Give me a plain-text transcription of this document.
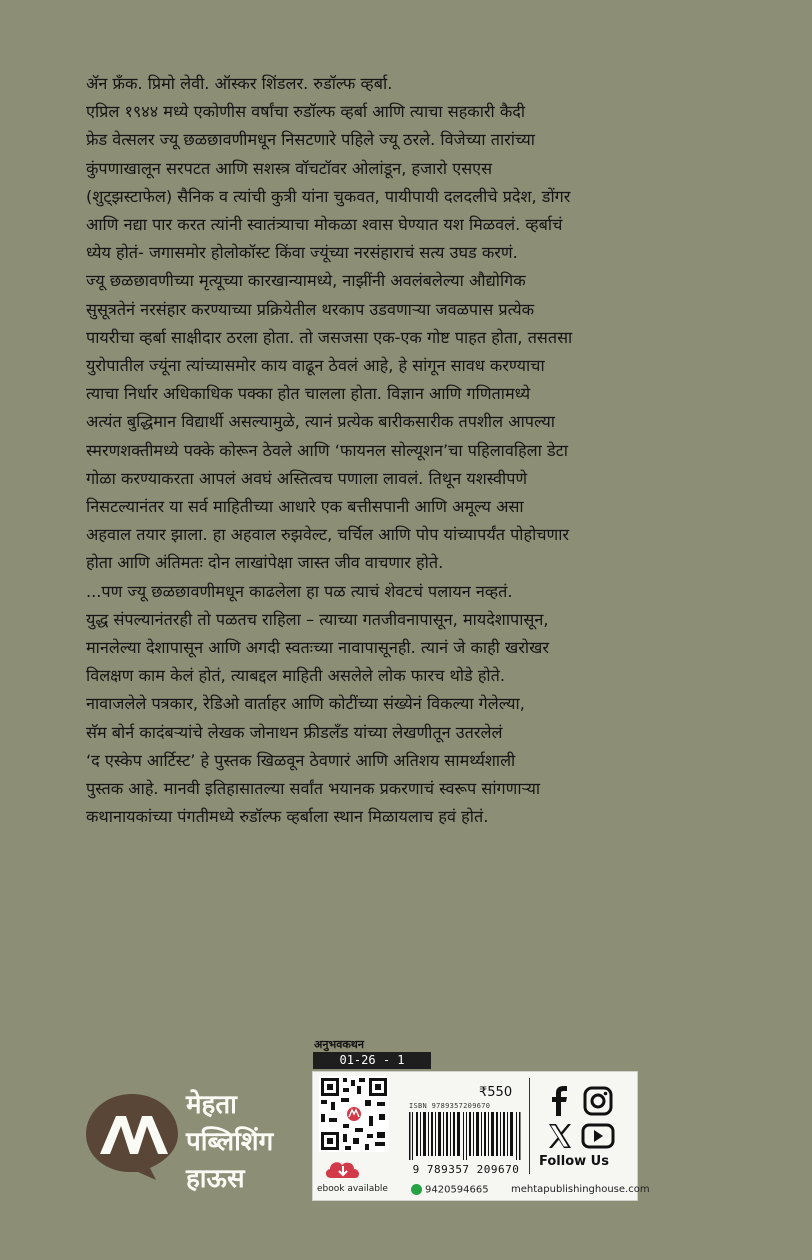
ॲन फ्रँक. प्रिमो लेवी. ऑस्कर शिंडलर. रुडॉल्फ व्हर्बा.

एप्रिल १९४४ मध्ये एकोणीस वर्षांचा रुडॉल्फ व्हर्बा आणि त्याचा सहकारी कैदी
फ्रेड वेत्सलर ज्यू छळछावणीमधून निसटणारे पहिले ज्यू ठरले. विजेच्या तारांच्या
कुंपणाखालून सरपटत आणि सशस्त्र वॉचटॉवर ओलांडून, हजारो एसएस
(शुट्झस्टाफेल) सैनिक व त्यांची कुत्री यांना चुकवत, पायीपायी दलदलीचे प्रदेश, डोंगर
आणि नद्या पार करत त्यांनी स्वातंत्र्याचा मोकळा श्वास घेण्यात यश मिळवलं. व्हर्बाचं
ध्येय होतं- जगासमोर होलोकॉस्ट किंवा ज्यूंच्या नरसंहाराचं सत्य उघड करणं.

ज्यू छळछावणीच्या मृत्यूच्या कारखान्यामध्ये, नाझींनी अवलंबलेल्या औद्योगिक
सुसूत्रतेनं नरसंहार करण्याच्या प्रक्रियेतील थरकाप उडवणाऱ्या जवळपास प्रत्येक
पायरीचा व्हर्बा साक्षीदार ठरला होता. तो जसजसा एक-एक गोष्ट पाहत होता, तसतसा
युरोपातील ज्यूंना त्यांच्यासमोर काय वाढून ठेवलं आहे, हे सांगून सावध करण्याचा
त्याचा निर्धार अधिकाधिक पक्का होत चालला होता. विज्ञान आणि गणितामध्ये
अत्यंत बुद्धिमान विद्यार्थी असल्यामुळे, त्यानं प्रत्येक बारीकसारीक तपशील आपल्या
स्मरणशक्तीमध्ये पक्के कोरून ठेवले आणि ‘फायनल सोल्यूशन’चा पहिलावहिला डेटा
गोळा करण्याकरता आपलं अवघं अस्तित्वच पणाला लावलं. तिथून यशस्वीपणे
निसटल्यानंतर या सर्व माहितीच्या आधारे एक बत्तीसपानी आणि अमूल्य असा
अहवाल तयार झाला. हा अहवाल रुझवेल्ट, चर्चिल आणि पोप यांच्यापर्यंत पोहोचणार
होता आणि अंतिमतः दोन लाखांपेक्षा जास्त जीव वाचणार होते.

...पण ज्यू छळछावणीमधून काढलेला हा पळ त्याचं शेवटचं पलायन नव्हतं.
युद्ध संपल्यानंतरही तो पळतच राहिला – त्याच्या गतजीवनापासून, मायदेशापासून,
मानलेल्या देशापासून आणि अगदी स्वतःच्या नावापासूनही. त्यानं जे काही खरोखर
विलक्षण काम केलं होतं, त्याबद्दल माहिती असलेले लोक फारच थोडे होते.

नावाजलेले पत्रकार, रेडिओ वार्ताहर आणि कोटींच्या संख्येनं विकल्या गेलेल्या,
सॅम बोर्न कादंबऱ्यांचे लेखक जोनाथन फ्रीडलँड यांच्या लेखणीतून उतरलेलं
‘द एस्केप आर्टिस्ट’ हे पुस्तक खिळवून ठेवणारं आणि अतिशय सामर्थ्यशाली
पुस्तक आहे. मानवी इतिहासातल्या सर्वांत भयानक प्रकरणाचं स्वरूप सांगणाऱ्या
कथानायकांच्या पंगतीमध्ये रुडॉल्फ व्हर्बाला स्थान मिळायलाच हवं होतं.

मेहता
पब्लिशिंग
हाऊस
अनुभवकथन
01-26 - 1
ebook available
₹550
ISBN 9789357209670
9 789357 209670
Follow Us
9420594665 mehtapublishinghouse.com
